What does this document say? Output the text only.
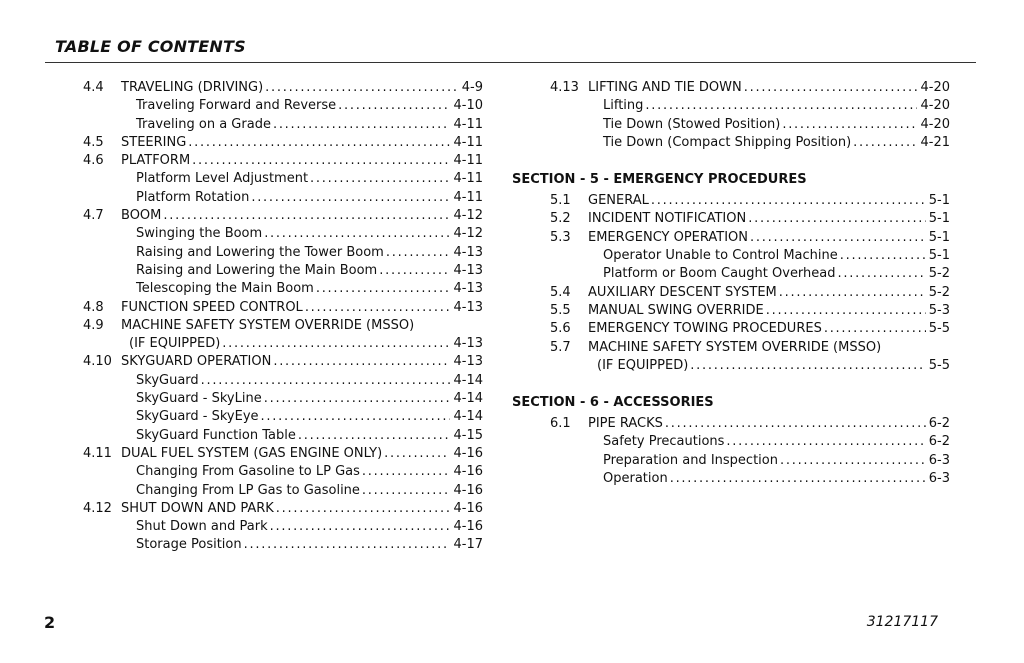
TABLE OF CONTENTS
4.4	TRAVELING (DRIVING) . . .	4-9
Traveling Forward and Reverse . . .	4-10
Traveling on a Grade . . .	4-11
4.5	STEERING . . .	4-11
4.6	PLATFORM . . .	4-11
Platform Level Adjustment . . .	4-11
Platform Rotation . . .	4-11
4.7	BOOM . . .	4-12
Swinging the Boom . . .	4-12
Raising and Lowering the Tower Boom . . .	4-13
Raising and Lowering the Main Boom . . .	4-13
Telescoping the Main Boom . . .	4-13
4.8	FUNCTION SPEED CONTROL . . .	4-13
4.9	MACHINE SAFETY SYSTEM OVERRIDE (MSSO)
(IF EQUIPPED) . . .	4-13
4.10 SKYGUARD OPERATION . . .	4-13
SkyGuard . . .	4-14
SkyGuard - SkyLine . . .	4-14
SkyGuard - SkyEye . . .	4-14
SkyGuard Function Table . . .	4-15
4.11 DUAL FUEL SYSTEM (GAS ENGINE ONLY) . . .	4-16
Changing From Gasoline to LP Gas . . .	4-16
Changing From LP Gas to Gasoline . . .	4-16
4.12 SHUT DOWN AND PARK . . .	4-16
Shut Down and Park . . .	4-16
Storage Position . . .	4-17
4.13 LIFTING AND TIE DOWN . . .	4-20
Lifting . . .	4-20
Tie Down (Stowed Position) . . .	4-20
Tie Down (Compact Shipping Position) . . .	4-21
SECTION - 5 - EMERGENCY PROCEDURES
5.1	GENERAL . . .	5-1
5.2	INCIDENT NOTIFICATION . . .	5-1
5.3	EMERGENCY OPERATION . . .	5-1
Operator Unable to Control Machine . . .	5-1
Platform or Boom Caught Overhead . . .	5-2
5.4	AUXILIARY DESCENT SYSTEM . . .	5-2
5.5	MANUAL SWING OVERRIDE . . .	5-3
5.6	EMERGENCY TOWING PROCEDURES . . .	5-5
5.7	MACHINE SAFETY SYSTEM OVERRIDE (MSSO)
(IF EQUIPPED) . . .	5-5
SECTION - 6 - ACCESSORIES
6.1	PIPE RACKS . . .	6-2
Safety Precautions . . .	6-2
Preparation and Inspection . . .	6-3
Operation . . .	6-3
2	31217117
